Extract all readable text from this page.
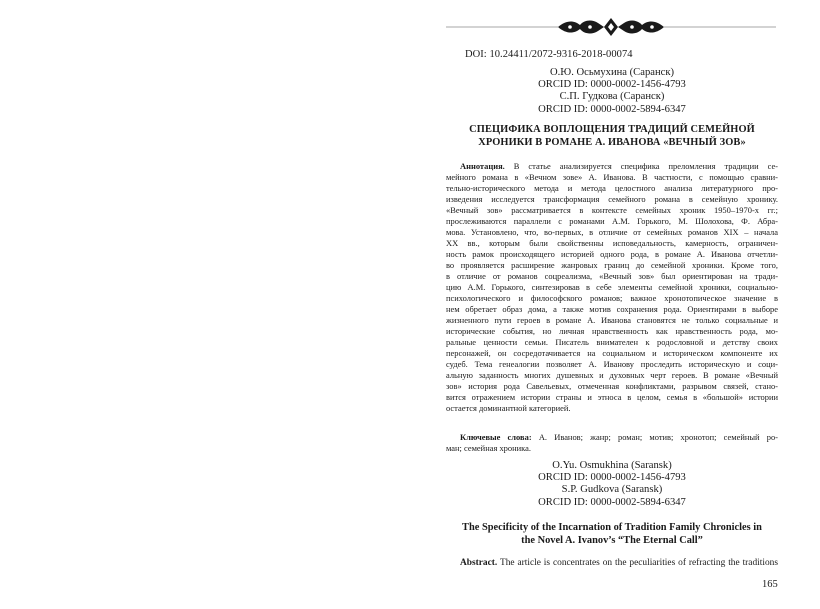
DOI: 10.24411/2072-9316-2018-00074
О.Ю. Осьмухина (Саранск)
ORCID ID: 0000-0002-1456-4793
С.П. Гудкова (Саранск)
ORCID ID: 0000-0002-5894-6347
СПЕЦИФИКА ВОПЛОЩЕНИЯ ТРАДИЦИЙ СЕМЕЙНОЙ
ХРОНИКИ В РОМАНЕ А. ИВАНОВА «ВЕЧНЫЙ ЗОВ»
Аннотация. В статье анализируется специфика преломления традиции се-
мейного романа в «Вечном зове» А. Иванова. В частности, с помощью сравни-
тельно-исторического метода и метода целостного анализа литературного про-
изведения исследуется трансформация семейного романа в семейную хронику.
«Вечный зов» рассматривается в контексте семейных хроник 1950–1970-х гг.;
прослеживаются параллели с романами А.М. Горького, М. Шолохова, Ф. Абра-
мова. Установлено, что, во-первых, в отличие от семейных романов XIX – начала
XX вв., которым были свойственны исповедальность, камерность, ограничен-
ность рамок происходящего историей одного рода, в романе А. Иванова отчетли-
во проявляется расширение жанровых границ до семейной хроники. Кроме того,
в отличие от романов соцреализма, «Вечный зов» был ориентирован на тради-
цию А.М. Горького, синтезировав в себе элементы семейной хроники, социально-
психологического и философского романов; важное хронотопическое значение в
нем обретает образ дома, а также мотив сохранения рода. Ориентирами в выборе
жизненного пути героев в романе А. Иванова становятся не только социальные и
исторические события, но личная нравственность как нравственность рода, мо-
ральные ценности семьи. Писатель внимателен к родословной и детству своих
персонажей, он сосредотачивается на социальном и историческом компоненте их
судеб. Тема генеалогии позволяет А. Иванову проследить историческую и соци-
альную заданность многих душевных и духовных черт героев. В романе «Вечный
зов» история рода Савельевых, отмеченная конфликтами, разрывом связей, стано-
вится отражением истории страны и этноса в целом, семья в «большой» истории
остается доминантной категорией.
Ключевые слова: А. Иванов; жанр; роман; мотив; хронотоп; семейный ро-
ман; семейная хроника.
O.Yu. Osmukhina (Saransk)
ORCID ID: 0000-0002-1456-4793
S.P. Gudkova (Saransk)
ORCID ID: 0000-0002-5894-6347
The Specificity of the Incarnation of Tradition Family Chronicles in
the Novel A. Ivanov’s “The Eternal Call”
Abstract. The article is concentrates on the peculiarities of refracting the traditions
165
